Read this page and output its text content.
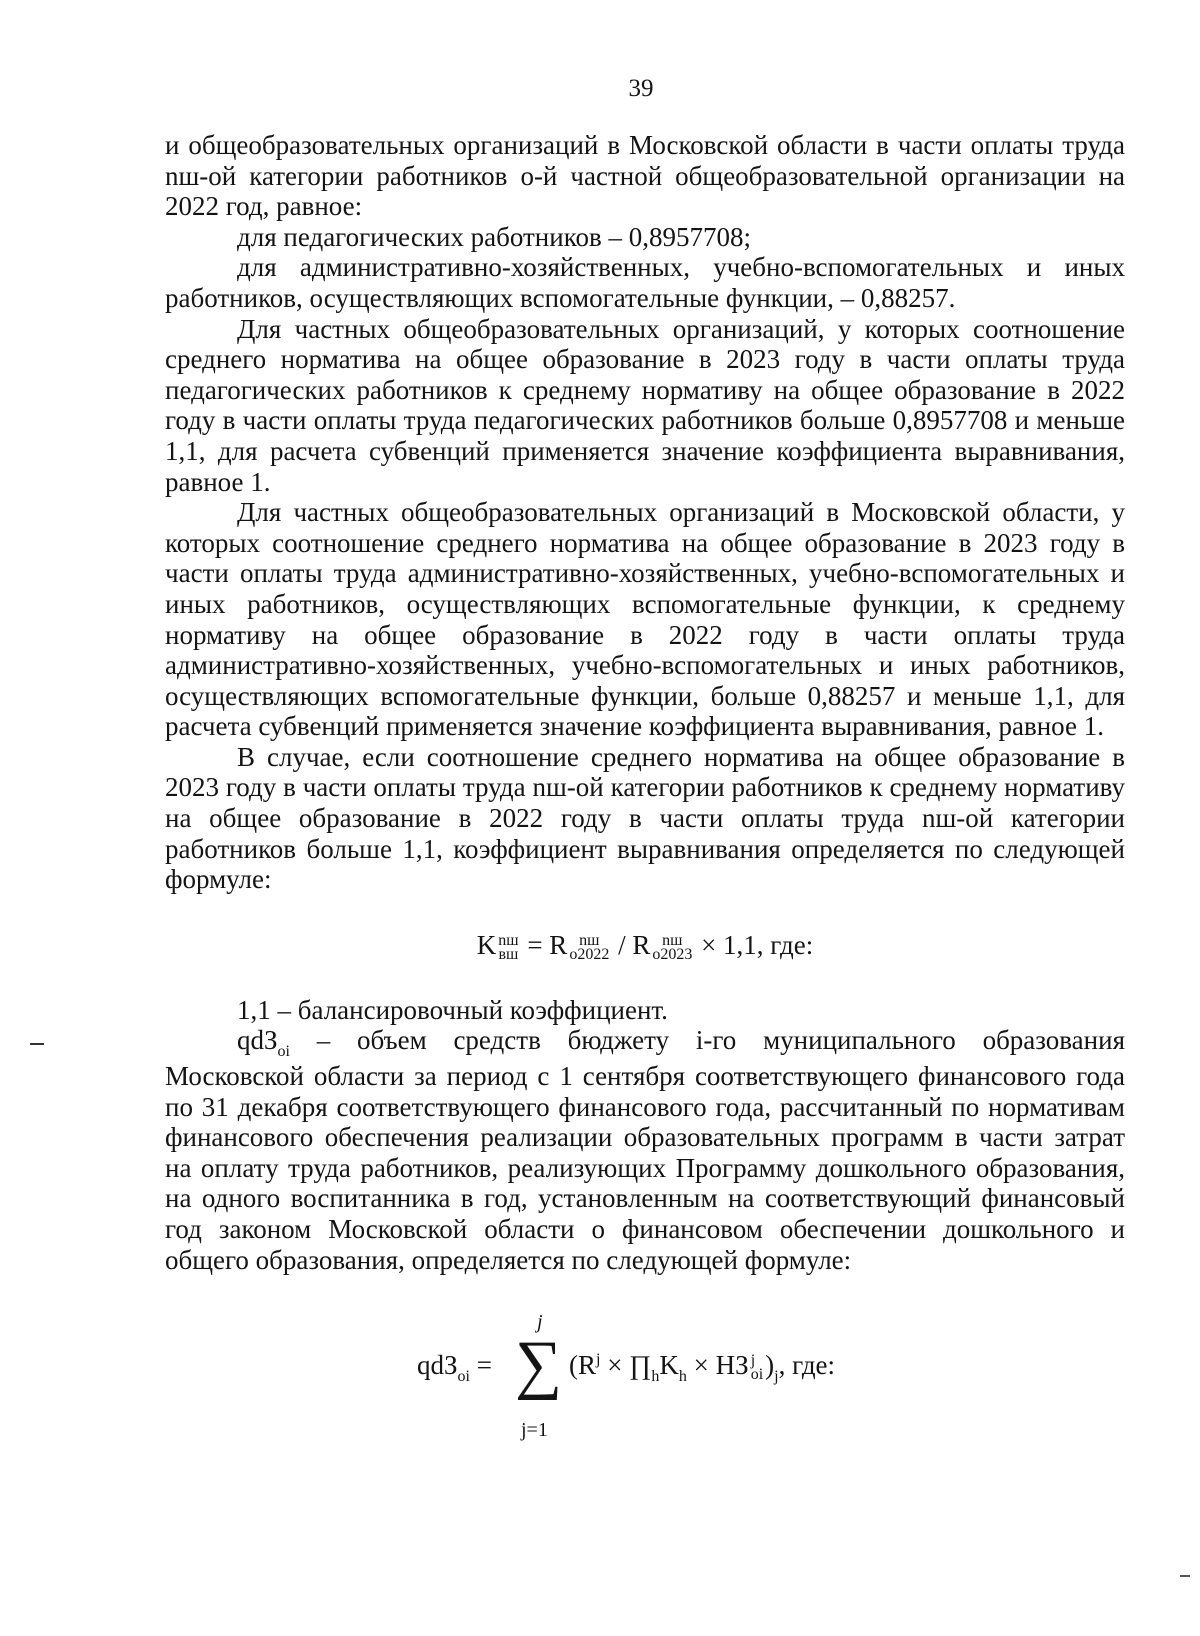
39

и общеобразовательных организаций в Московской области в части оплаты труда nш-ой категории работников о-й частной общеобразовательной организации на 2022 год, равное:

для педагогических работников – 0,8957708;

для административно-хозяйственных, учебно-вспомогательных и иных работников, осуществляющих вспомогательные функции, – 0,88257.

Для частных общеобразовательных организаций, у которых соотношение среднего норматива на общее образование в 2023 году в части оплаты труда педагогических работников к среднему нормативу на общее образование в 2022 году в части оплаты труда педагогических работников больше 0,8957708 и меньше 1,1, для расчета субвенций применяется значение коэффициента выравнивания, равное 1.

Для частных общеобразовательных организаций в Московской области, у которых соотношение среднего норматива на общее образование в 2023 году в части оплаты труда административно-хозяйственных, учебно-вспомогательных и иных работников, осуществляющих вспомогательные функции, к среднему нормативу на общее образование в 2022 году в части оплаты труда административно-хозяйственных, учебно-вспомогательных и иных работников, осуществляющих вспомогательные функции, больше 0,88257 и меньше 1,1, для расчета субвенций применяется значение коэффициента выравнивания, равное 1.

В случае, если соотношение среднего норматива на общее образование в 2023 году в части оплаты труда nш-ой категории работников к среднему нормативу на общее образование в 2022 году в части оплаты труда nш-ой категории работников больше 1,1, коэффициент выравнивания определяется по следующей формуле:

K nш
вш = R nш
o2022 / R nш
o2023 × 1,1, где:

1,1 – балансировочный коэффициент.

qdЗ$_{oi}$ – объем средств бюджету i-го муниципального образования Московской области за период с 1 сентября соответствующего финансового года по 31 декабря соответствующего финансового года, рассчитанный по нормативам финансового обеспечения реализации образовательных программ в части затрат на оплату труда работников, реализующих Программу дошкольного образования, на одного воспитанника в год, установленным на соответствующий финансовый год законом Московской области о финансовом обеспечении дошкольного и общего образования, определяется по следующей формуле:

qdЗ$_{oi}$ =
j
∑
j=1
($R^j$ × $\prod_hK_h$ × НЗ j
oi )$_j$, где:
